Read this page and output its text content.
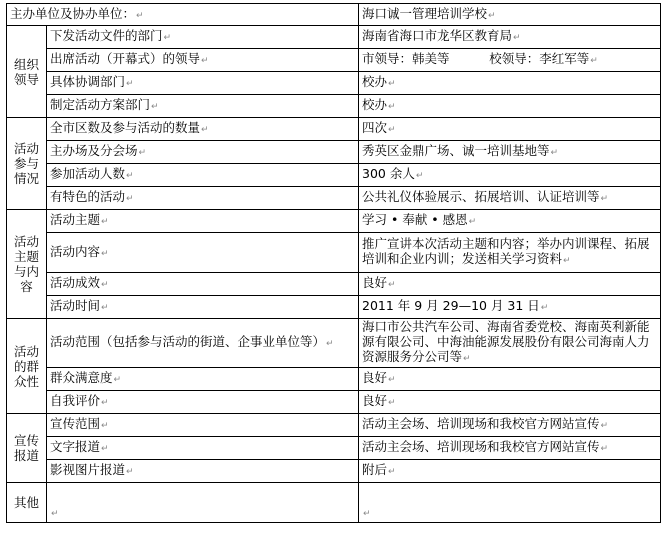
主办单位及协办单位：↵		海口诚一管理培训学校↵

组织
领导	下发活动文件的部门↵	海南省海口市龙华区教育局↵
	出席活动（开幕式）的领导↵	市领导：韩美等          校领导：李红军等↵
	具体协调部门↵	校办↵
	制定活动方案部门↵	校办↵

活动
参与
情况	全市区数及参与活动的数量↵	四次↵
	主办场及分会场↵	秀英区金鼎广场、诚一培训基地等↵
	参加活动人数↵	300 余人↵
	有特色的活动↵	公共礼仪体验展示、拓展培训、认证培训等↵

活动
主题
与内
容	活动主题↵	学习 • 奉献 • 感恩↵
	活动内容↵	推广宣讲本次活动主题和内容；举办内训课程、拓展培训和企业内训；发送相关学习资料↵
	活动成效↵	良好↵
	活动时间↵	2011 年 9 月 29—10 月 31 日↵

活动
的群
众性	活动范围（包括参与活动的街道、企事业单位等）↵	海口市公共汽车公司、海南省委党校、海南英利新能源有限公司、中海油能源发展股份有限公司海南人力资源服务分公司等↵
	群众满意度↵	良好↵
	自我评价↵	良好↵

宣传
报道	宣传范围↵	活动主会场、培训现场和我校官方网站宣传↵
	文字报道↵	活动主会场、培训现场和我校官方网站宣传↵
	影视图片报道↵	附后↵

其他	↵	↵
